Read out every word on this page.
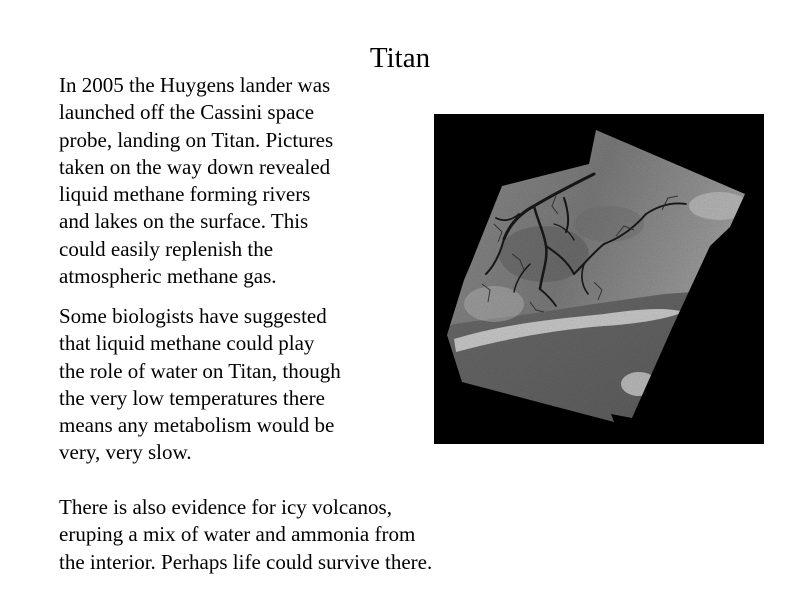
Titan

In 2005 the Huygens lander was
launched off the Cassini space
probe, landing on Titan. Pictures
taken on the way down revealed
liquid methane forming rivers
and lakes on the surface. This
could easily replenish the
atmospheric methane gas.

Some biologists have suggested
that liquid methane could play
the role of water on Titan, though
the very low temperatures there
means any metabolism would be
very, very slow.

There is also evidence for icy volcanos,
eruping a mix of water and ammonia from
the interior. Perhaps life could survive there.
